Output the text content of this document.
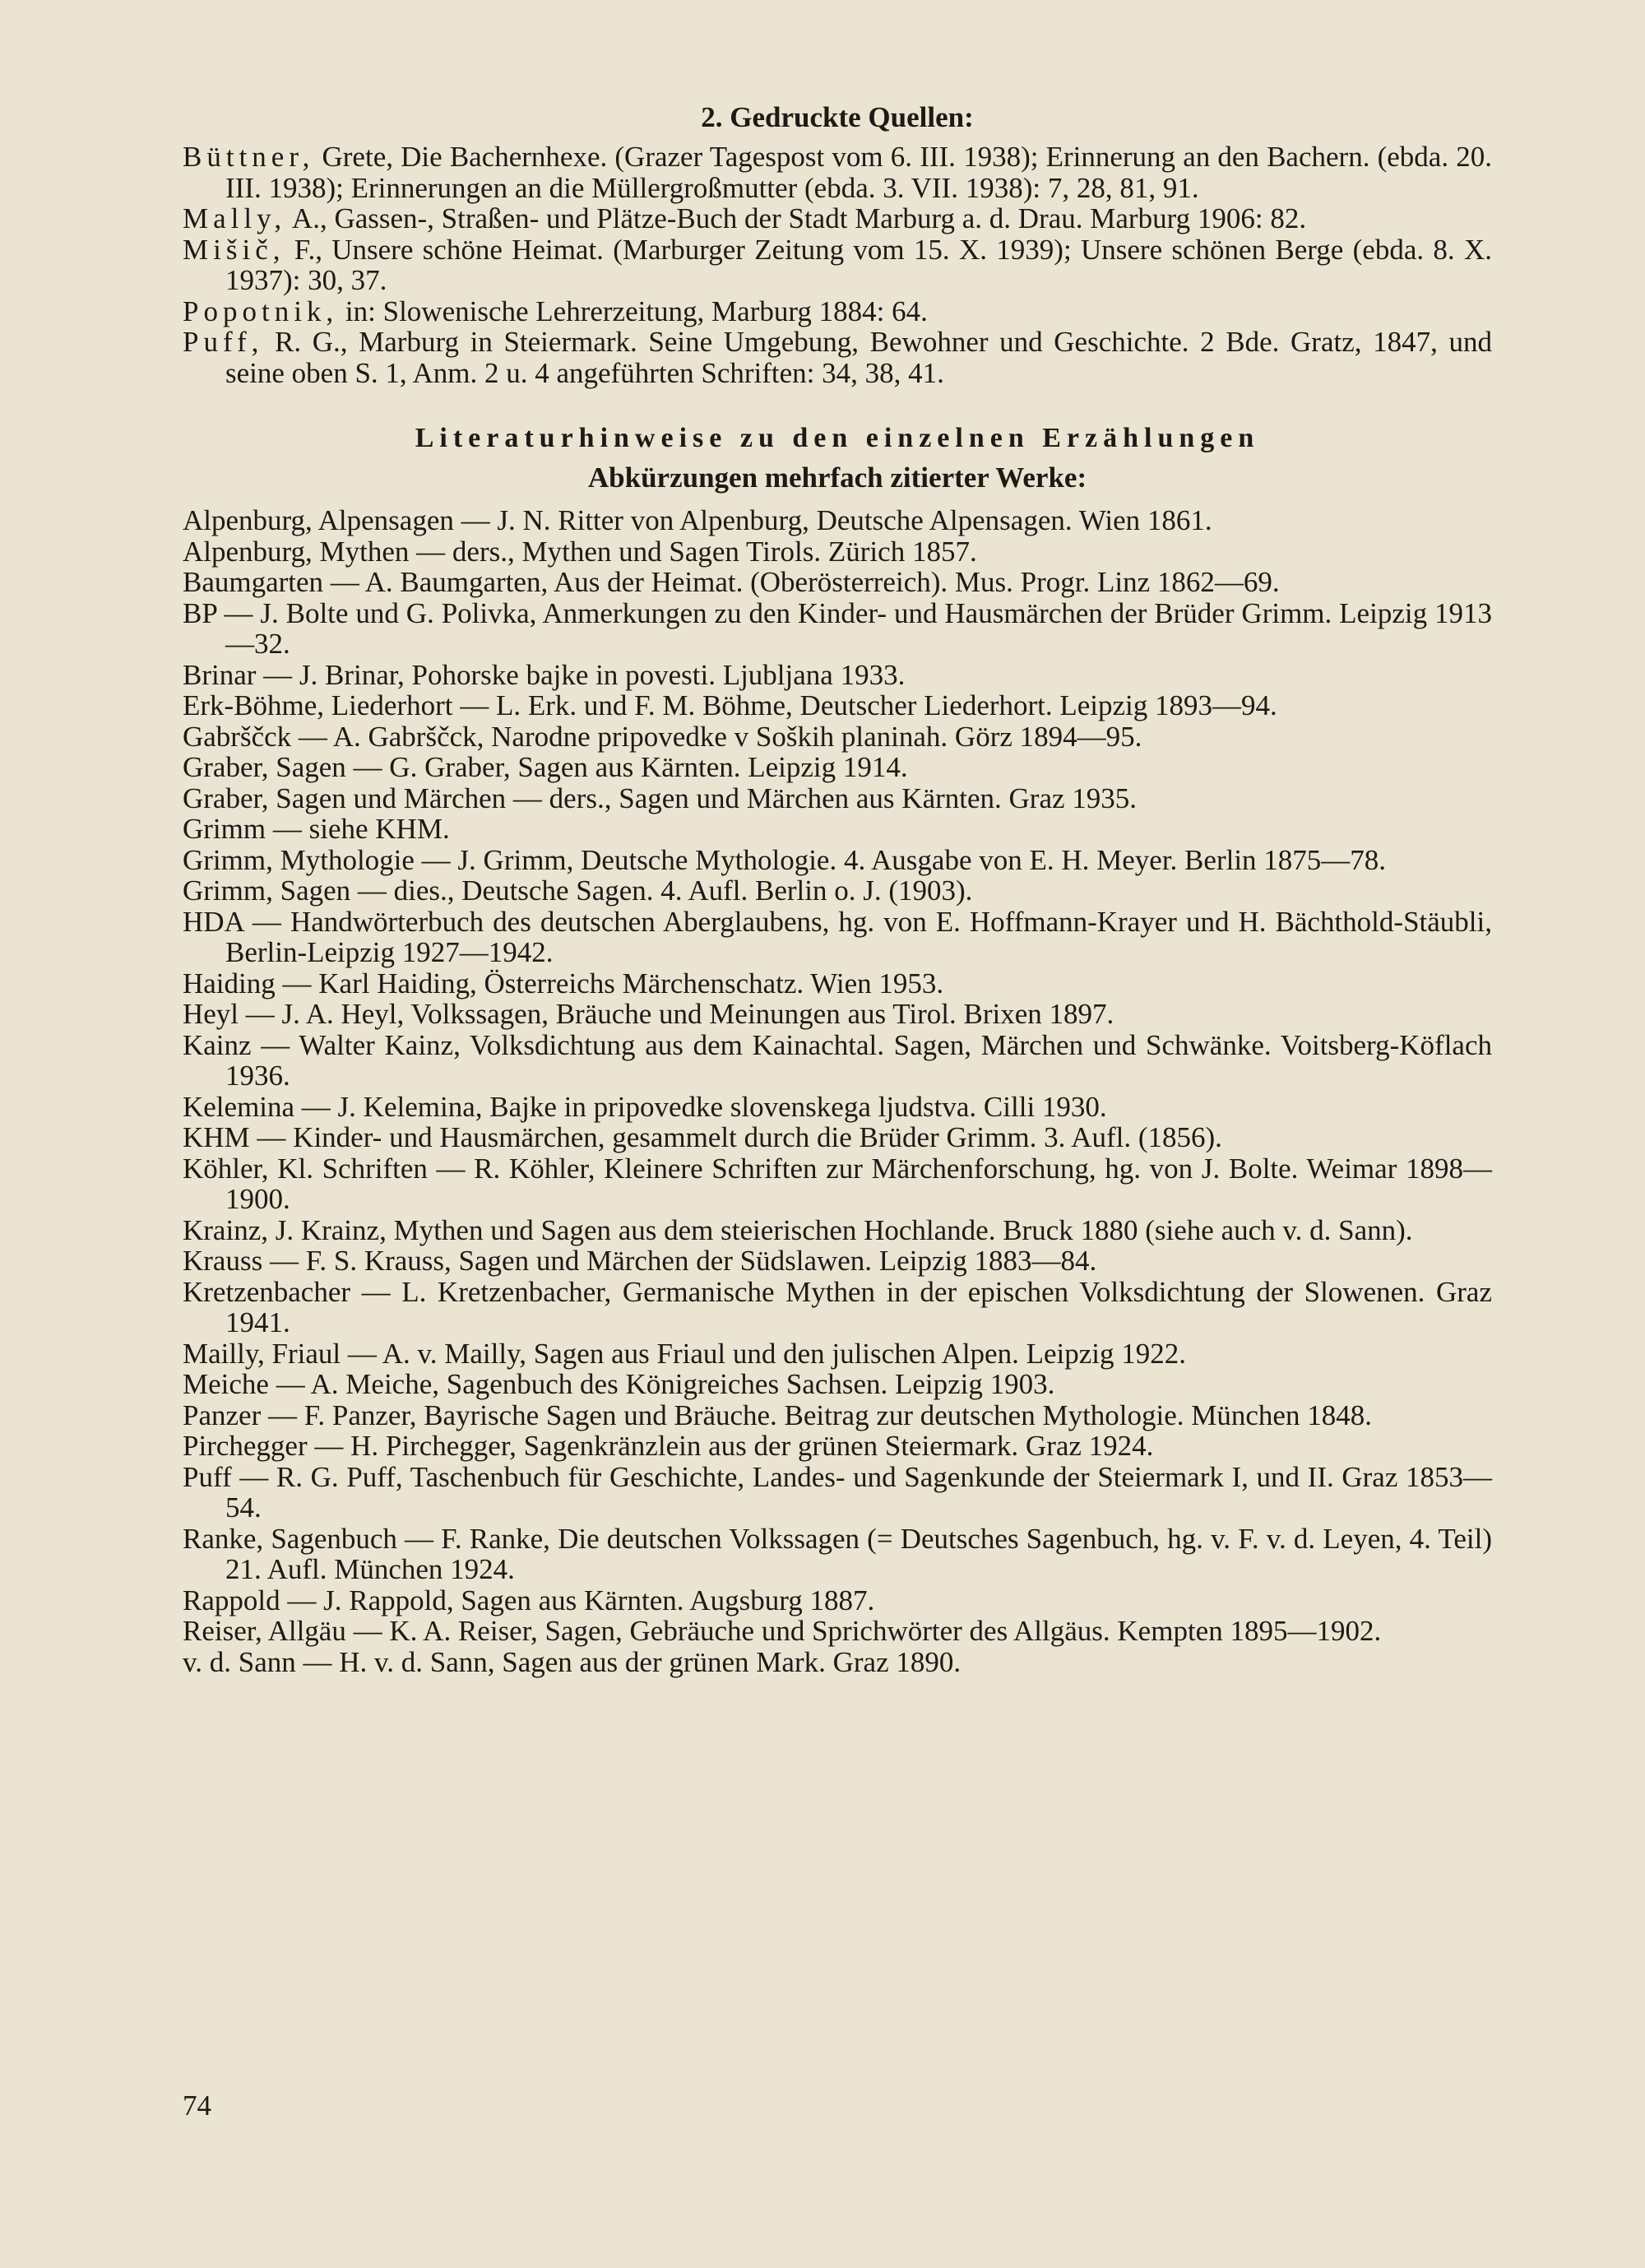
2. Gedruckte Quellen:
Büttner, Grete, Die Bachernhexe. (Grazer Tagespost vom 6. III. 1938); Erinnerung an den Bachern. (ebda. 20. III. 1938); Erinnerungen an die Müllergroßmutter (ebda. 3. VII. 1938): 7, 28, 81, 91.
Mally, A., Gassen-, Straßen- und Plätze-Buch der Stadt Marburg a. d. Drau. Marburg 1906: 82.
Mišič, F., Unsere schöne Heimat. (Marburger Zeitung vom 15. X. 1939); Unsere schönen Berge (ebda. 8. X. 1937): 30, 37.
Popotnik, in: Slowenische Lehrerzeitung, Marburg 1884: 64.
Puff, R. G., Marburg in Steiermark. Seine Umgebung, Bewohner und Geschichte. 2 Bde. Gratz, 1847, und seine oben S. 1, Anm. 2 u. 4 angeführten Schriften: 34, 38, 41.
Literaturhinweise zu den einzelnen Erzählungen
Abkürzungen mehrfach zitierter Werke:
Alpenburg, Alpensagen — J. N. Ritter von Alpenburg, Deutsche Alpensagen. Wien 1861.
Alpenburg, Mythen — ders., Mythen und Sagen Tirols. Zürich 1857.
Baumgarten — A. Baumgarten, Aus der Heimat. (Oberösterreich). Mus. Progr. Linz 1862—69.
BP — J. Bolte und G. Polivka, Anmerkungen zu den Kinder- und Hausmärchen der Brüder Grimm. Leipzig 1913—32.
Brinar — J. Brinar, Pohorske bajke in povesti. Ljubljana 1933.
Erk-Böhme, Liederhort — L. Erk. und F. M. Böhme, Deutscher Liederhort. Leipzig 1893—94.
Gabrščck — A. Gabrščck, Narodne pripovedke v Soških planinah. Görz 1894—95.
Graber, Sagen — G. Graber, Sagen aus Kärnten. Leipzig 1914.
Graber, Sagen und Märchen — ders., Sagen und Märchen aus Kärnten. Graz 1935.
Grimm — siehe KHM.
Grimm, Mythologie — J. Grimm, Deutsche Mythologie. 4. Ausgabe von E. H. Meyer. Berlin 1875—78.
Grimm, Sagen — dies., Deutsche Sagen. 4. Aufl. Berlin o. J. (1903).
HDA — Handwörterbuch des deutschen Aberglaubens, hg. von E. Hoffmann-Krayer und H. Bächthold-Stäubli, Berlin-Leipzig 1927—1942.
Haiding — Karl Haiding, Österreichs Märchenschatz. Wien 1953.
Heyl — J. A. Heyl, Volkssagen, Bräuche und Meinungen aus Tirol. Brixen 1897.
Kainz — Walter Kainz, Volksdichtung aus dem Kainachtal. Sagen, Märchen und Schwänke. Voitsberg-Köflach 1936.
Kelemina — J. Kelemina, Bajke in pripovedke slovenskega ljudstva. Cilli 1930.
KHM — Kinder- und Hausmärchen, gesammelt durch die Brüder Grimm. 3. Aufl. (1856).
Köhler, Kl. Schriften — R. Köhler, Kleinere Schriften zur Märchenforschung, hg. von J. Bolte. Weimar 1898—1900.
Krainz, J. Krainz, Mythen und Sagen aus dem steierischen Hochlande. Bruck 1880 (siehe auch v. d. Sann).
Krauss — F. S. Krauss, Sagen und Märchen der Südslawen. Leipzig 1883—84.
Kretzenbacher — L. Kretzenbacher, Germanische Mythen in der epischen Volksdichtung der Slowenen. Graz 1941.
Mailly, Friaul — A. v. Mailly, Sagen aus Friaul und den julischen Alpen. Leipzig 1922.
Meiche — A. Meiche, Sagenbuch des Königreiches Sachsen. Leipzig 1903.
Panzer — F. Panzer, Bayrische Sagen und Bräuche. Beitrag zur deutschen Mythologie. München 1848.
Pirchegger — H. Pirchegger, Sagenkränzlein aus der grünen Steiermark. Graz 1924.
Puff — R. G. Puff, Taschenbuch für Geschichte, Landes- und Sagenkunde der Steiermark I, und II. Graz 1853—54.
Ranke, Sagenbuch — F. Ranke, Die deutschen Volkssagen (= Deutsches Sagenbuch, hg. v. F. v. d. Leyen, 4. Teil) 21. Aufl. München 1924.
Rappold — J. Rappold, Sagen aus Kärnten. Augsburg 1887.
Reiser, Allgäu — K. A. Reiser, Sagen, Gebräuche und Sprichwörter des Allgäus. Kempten 1895—1902.
v. d. Sann — H. v. d. Sann, Sagen aus der grünen Mark. Graz 1890.
74
